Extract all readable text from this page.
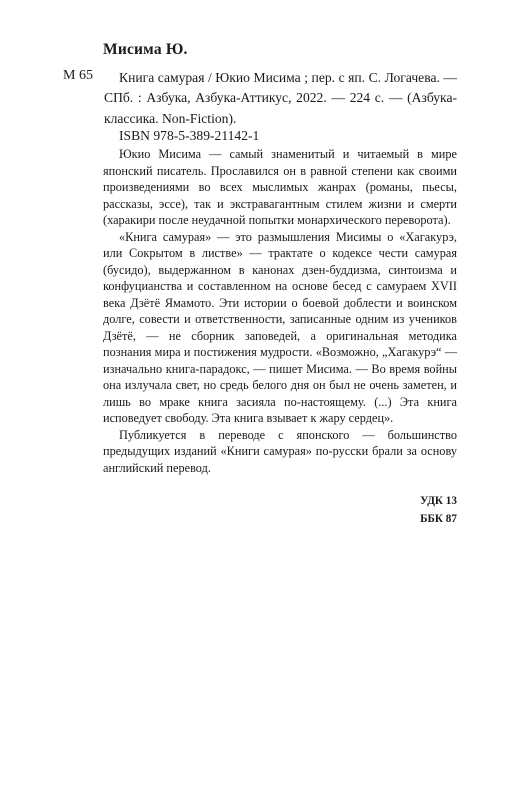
Мисима Ю.
М 65	Книга самурая / Юкио Мисима ; пер. с яп. С. Логачева. — СПб. : Азбука, Азбука-Аттикус, 2022. — 224 с. — (Азбука-классика. Non-Fiction).
ISBN 978-5-389-21142-1

Юкио Мисима — самый знаменитый и читаемый в мире японский писатель. Прославился он в равной степени как своими произведениями во всех мыслимых жанрах (романы, пьесы, рассказы, эссе), так и экстравагантным стилем жизни и смерти (харакири после неудачной попытки монархического переворота).

«Книга самурая» — это размышления Мисимы о «Хагакурэ, или Сокрытом в листве» — трактате о кодексе чести самурая (бусидо), выдержанном в канонах дзен-буддизма, синтоизма и конфуцианства и составленном на основе бесед с самураем XVII века Дзётё Ямамото. Эти истории о боевой доблести и воинском долге, совести и ответственности, записанные одним из учеников Дзётё, — не сборник заповедей, а оригинальная методика познания мира и постижения мудрости. «Возможно, „Хагакурэ“ — изначально книга-парадокс, — пишет Мисима. — Во время войны она излучала свет, но средь белого дня он был не очень заметен, и лишь во мраке книга засияла по-настоящему. (...) Эта книга исповедует свободу. Эта книга взывает к жару сердец».

Публикуется в переводе с японского — большинство предыдущих изданий «Книги самурая» по-русски брали за основу английский перевод.

УДК 13
ББК 87
